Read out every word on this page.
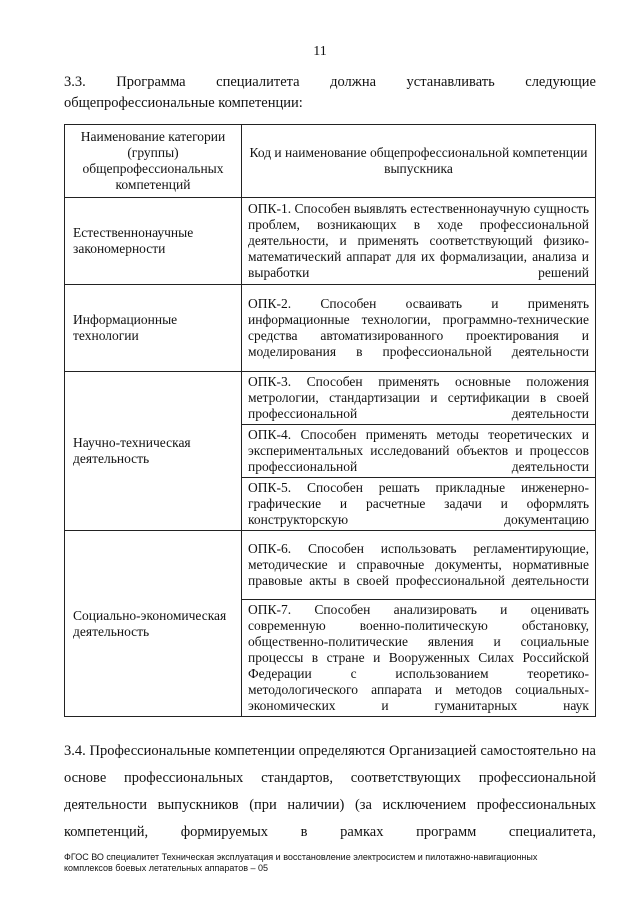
11
3.3. Программа специалитета должна устанавливать следующие общепрофессиональные компетенции:
Наименование категории (группы) общепрофессиональных компетенций	Код и наименование общепрофессиональной компетенции выпускника
Естественнонаучные закономерности	ОПК-1. Способен выявлять естественнонаучную сущность проблем, возникающих в ходе профессиональной деятельности, и применять соответствующий физико-математический аппарат для их формализации, анализа и выработки решений
Информационные технологии	ОПК-2. Способен осваивать и применять информационные технологии, программно-технические средства автоматизированного проектирования и моделирования в профессиональной деятельности
Научно-техническая деятельность	ОПК-3. Способен применять основные положения метрологии, стандартизации и сертификации в своей профессиональной деятельности
	ОПК-4. Способен применять методы теоретических и экспериментальных исследований объектов и процессов профессиональной деятельности
	ОПК-5. Способен решать прикладные инженерно-графические и расчетные задачи и оформлять конструкторскую документацию
Социально-экономическая деятельность	ОПК-6. Способен использовать регламентирующие, методические и справочные документы, нормативные правовые акты в своей профессиональной деятельности
	ОПК-7. Способен анализировать и оценивать современную военно-политическую обстановку, общественно-политические явления и социальные процессы в стране и Вооруженных Силах Российской Федерации с использованием теоретико-методологического аппарата и методов социальных-экономических и гуманитарных наук
3.4. Профессиональные компетенции определяются Организацией самостоятельно на основе профессиональных стандартов, соответствующих профессиональной деятельности выпускников (при наличии) (за исключением профессиональных компетенций, формируемых в рамках программ специалитета,
ФГОС ВО специалитет Техническая эксплуатация и восстановление электросистем и пилотажно-навигационных комплексов боевых летательных аппаратов – 05
